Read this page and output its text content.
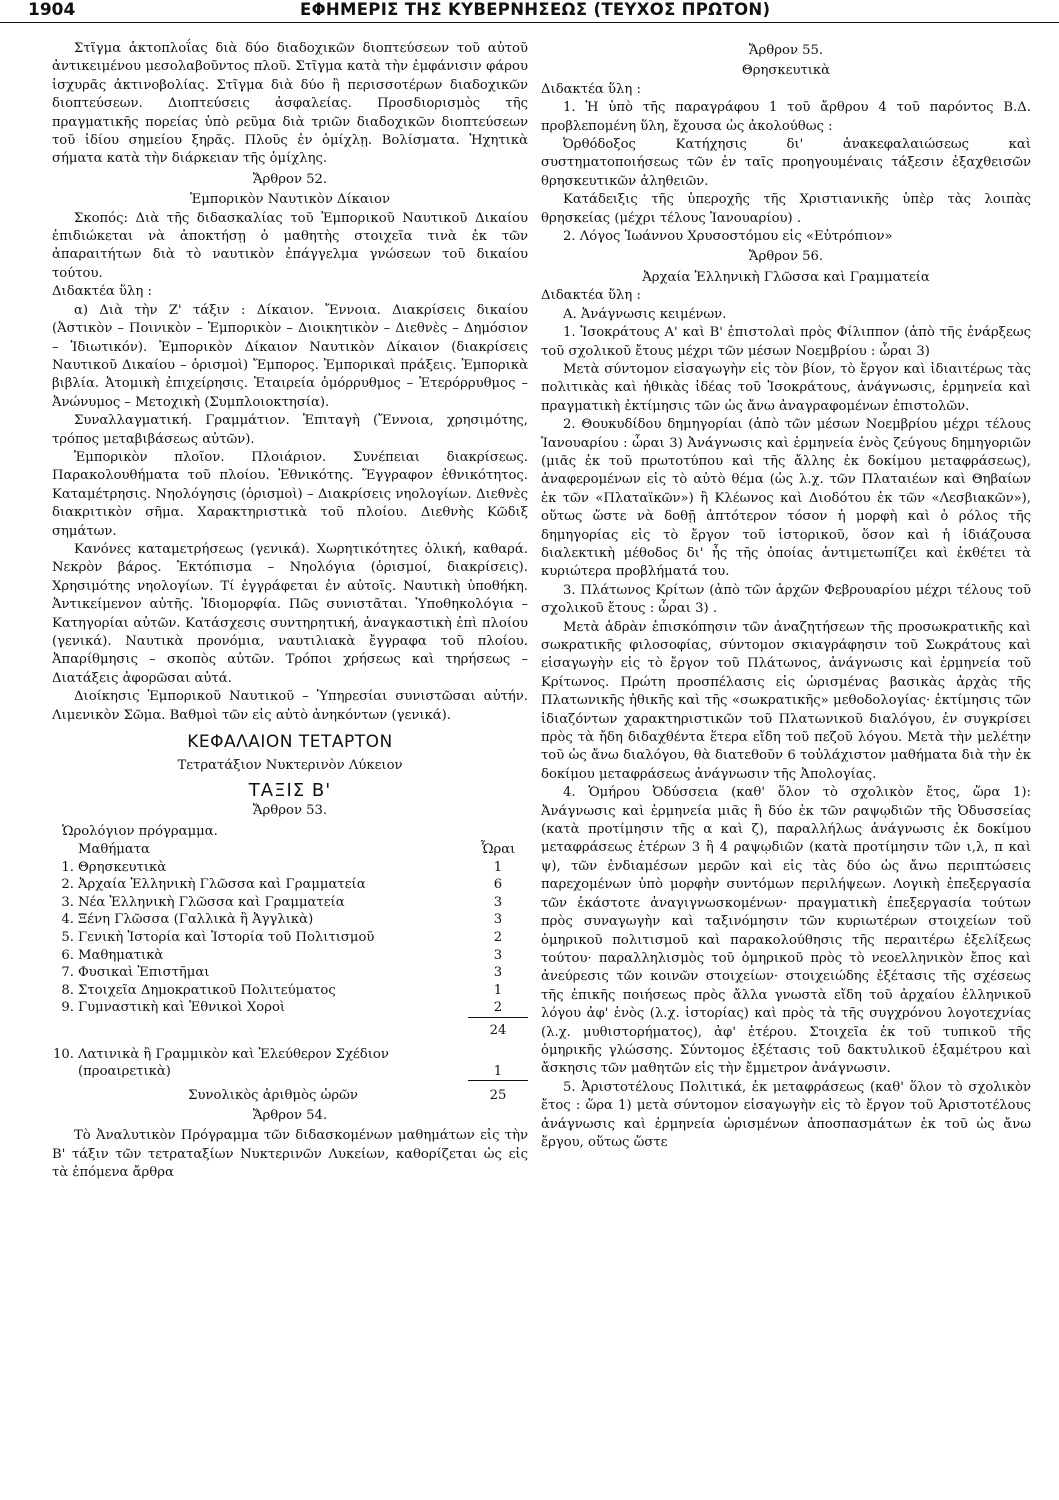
1904	ΕΦΗΜΕΡΙΣ ΤΗΣ ΚΥΒΕΡΝΗΣΕΩΣ (ΤΕΥΧΟΣ ΠΡΩΤΟΝ)

Στῖγμα ἀκτοπλοΐας διὰ δύο διαδοχικῶν διοπτεύσεων τοῦ αὐτοῦ ἀντικειμένου μεσολαβοῦντος πλοῦ. Στῖγμα κατὰ τὴν ἐμφάνισιν φάρου ἰσχυρᾶς ἀκτινοβολίας. Στῖγμα διὰ δύο ἢ περισσοτέρων διαδοχικῶν διοπτεύσεων. Διοπτεύσεις ἀσφαλείας. Προσδιορισμὸς τῆς πραγματικῆς πορείας ὑπὸ ρεῦμα διὰ τριῶν διαδοχικῶν διοπτεύσεων τοῦ ἰδίου σημείου ξηρᾶς. Πλοῦς ἐν ὁμίχλῃ. Βολίσματα. Ἠχητικὰ σήματα κατὰ τὴν διάρκειαν τῆς ὁμίχλης.

Ἄρθρον 52.

Ἐμπορικὸν Ναυτικὸν Δίκαιον

Σκοπός: Διὰ τῆς διδασκαλίας τοῦ Ἐμπορικοῦ Ναυτικοῦ Δικαίου ἐπιδιώκεται νὰ ἀποκτήσῃ ὁ μαθητὴς στοιχεῖα τινὰ ἐκ τῶν ἀπαραιτήτων διὰ τὸ ναυτικὸν ἐπάγγελμα γνώσεων τοῦ δικαίου τούτου.

Διδακτέα ὕλη :

α) Διὰ τὴν Ζ' τάξιν : Δίκαιον. Ἔννοια. Διακρίσεις δικαίου (Ἀστικὸν – Ποινικὸν – Ἐμπορικὸν – Διοικητικὸν – Διεθνὲς – Δημόσιον – Ἰδιωτικόν). Ἐμπορικὸν Δίκαιον Ναυτικὸν Δίκαιον (διακρίσεις Ναυτικοῦ Δικαίου – ὁρισμοὶ) Ἔμπορος. Ἐμπορικαὶ πράξεις. Ἐμπορικὰ βιβλία. Ἀτομικὴ ἐπιχείρησις. Ἑταιρεία ὁμόρρυθμος – Ἑτερόρρυθμος – Ἀνώνυμος – Μετοχικὴ (Συμπλοιοκτησία).

Συναλλαγματική. Γραμμάτιον. Ἐπιταγὴ (Ἔννοια, χρησιμότης, τρόπος μεταβιβάσεως αὐτῶν).

Ἐμπορικὸν πλοῖον. Πλοιάριον. Συνέπειαι διακρίσεως. Παρακολουθήματα τοῦ πλοίου. Ἐθνικότης. Ἔγγραφον ἐθνικότητος. Καταμέτρησις. Νηολόγησις (ὁρισμοὶ) – Διακρίσεις νηολογίων. Διεθνὲς διακριτικὸν σῆμα. Χαρακτηριστικὰ τοῦ πλοίου. Διεθνὴς Κῶδιξ σημάτων.

Κανόνες καταμετρήσεως (γενικά). Χωρητικότητες ὁλική, καθαρά. Νεκρὸν βάρος. Ἐκτόπισμα – Νηολόγια (ὁρισμοί, διακρίσεις). Χρησιμότης νηολογίων. Τί ἐγγράφεται ἐν αὐτοῖς. Ναυτικὴ ὑποθήκη. Ἀντικείμενον αὐτῆς. Ἰδιομορφία. Πῶς συνιστᾶται. Ὑποθηκολόγια – Κατηγορίαι αὐτῶν. Κατάσχεσις συντηρητική, ἀναγκαστικὴ ἐπὶ πλοίου (γενικά). Ναυτικὰ προνόμια, ναυτιλιακὰ ἔγγραφα τοῦ πλοίου. Ἀπαρίθμησις – σκοπὸς αὐτῶν. Τρόποι χρήσεως καὶ τηρήσεως – Διατάξεις ἀφορῶσαι αὐτά.

Διοίκησις Ἐμπορικοῦ Ναυτικοῦ – Ὑπηρεσίαι συνιστῶσαι αὐτήν. Λιμενικὸν Σῶμα. Βαθμοὶ τῶν εἰς αὐτὸ ἀνηκόντων (γενικά).

ΚΕΦΑΛΑΙΟΝ ΤΕΤΑΡΤΟΝ

Τετρατάξιον Νυκτερινὸν Λύκειον

ΤΑΞΙΣ Β'

Ἄρθρον 53.

Ὡρολόγιον πρόγραμμα.

	Μαθήματα	Ὧραι
1.	Θρησκευτικὰ	1
2.	Ἀρχαία Ἑλληνικὴ Γλῶσσα καὶ Γραμματεία	6
3.	Νέα Ἑλληνικὴ Γλῶσσα καὶ Γραμματεία	3
4.	Ξένη Γλῶσσα (Γαλλικὰ ἢ Ἀγγλικὰ)	3
5.	Γενικὴ Ἱστορία καὶ Ἱστορία τοῦ Πολιτισμοῦ	2
6.	Μαθηματικὰ	3
7.	Φυσικαὶ Ἐπιστῆμαι	3
8.	Στοιχεῖα Δημοκρατικοῦ Πολιτεύματος	1
9.	Γυμναστικὴ καὶ Ἐθνικοὶ Χοροὶ	2
		24
10.	Λατινικὰ ἢ Γραμμικὸν καὶ Ἐλεύθερον Σχέδιον (προαιρετικὰ)	1
	Συνολικὸς ἀριθμὸς ὡρῶν	25

Ἄρθρον 54.

Τὸ Ἀναλυτικὸν Πρόγραμμα τῶν διδασκομένων μαθημάτων εἰς τὴν Β' τάξιν τῶν τετραταξίων Νυκτερινῶν Λυκείων, καθορίζεται ὡς εἰς τὰ ἑπόμενα ἄρθρα

Ἄρθρον 55.

Θρησκευτικὰ

Διδακτέα ὕλη :

1. Ἡ ὑπὸ τῆς παραγράφου 1 τοῦ ἄρθρου 4 τοῦ παρόντος Β.Δ. προβλεπομένη ὕλη, ἔχουσα ὡς ἀκολούθως :

Ὀρθόδοξος Κατήχησις δι' ἀνακεφαλαιώσεως καὶ συστηματοποιήσεως τῶν ἐν ταῖς προηγουμέναις τάξεσιν ἐξαχθεισῶν θρησκευτικῶν ἀληθειῶν.

Κατάδειξις τῆς ὑπεροχῆς τῆς Χριστιανικῆς ὑπὲρ τὰς λοιπὰς θρησκείας (μέχρι τέλους Ἰανουαρίου) .

2. Λόγος Ἰωάννου Χρυσοστόμου εἰς «Εὐτρόπιον»

Ἄρθρον 56.

Ἀρχαία Ἑλληνικὴ Γλῶσσα καὶ Γραμματεία

Διδακτέα ὕλη :

Α. Ἀνάγνωσις κειμένων.

1. Ἰσοκράτους Α' καὶ Β' ἐπιστολαὶ πρὸς Φίλιππον (ἀπὸ τῆς ἐνάρξεως τοῦ σχολικοῦ ἔτους μέχρι τῶν μέσων Νοεμβρίου : ὧραι 3)

Μετὰ σύντομον εἰσαγωγὴν εἰς τὸν βίον, τὸ ἔργον καὶ ἰδιαιτέρως τὰς πολιτικὰς καὶ ἠθικὰς ἰδέας τοῦ Ἰσοκράτους, ἀνάγνωσις, ἑρμηνεία καὶ πραγματικὴ ἐκτίμησις τῶν ὡς ἄνω ἀναγραφομένων ἐπιστολῶν.

2. Θουκυδίδου δημηγορίαι (ἀπὸ τῶν μέσων Νοεμβρίου μέχρι τέλους Ἰανουαρίου : ὧραι 3) Ἀνάγνωσις καὶ ἑρμηνεία ἑνὸς ζεύγους δημηγοριῶν (μιᾶς ἐκ τοῦ πρωτοτύπου καὶ τῆς ἄλλης ἐκ δοκίμου μεταφράσεως), ἀναφερομένων εἰς τὸ αὐτὸ θέμα (ὡς λ.χ. τῶν Πλαταιέων καὶ Θηβαίων ἐκ τῶν «Πλαταϊκῶν») ἢ Κλέωνος καὶ Διοδότου ἐκ τῶν «Λεσβιακῶν»), οὕτως ὥστε νὰ δοθῇ ἀπτότερον τόσον ἡ μορφὴ καὶ ὁ ρόλος τῆς δημηγορίας εἰς τὸ ἔργον τοῦ ἱστορικοῦ, ὅσον καὶ ἡ ἰδιάζουσα διαλεκτικὴ μέθοδος δι' ἧς τῆς ὁποίας ἀντιμετωπίζει καὶ ἐκθέτει τὰ κυριώτερα προβλήματά του.

3. Πλάτωνος Κρίτων (ἀπὸ τῶν ἀρχῶν Φεβρουαρίου μέχρι τέλους τοῦ σχολικοῦ ἔτους : ὧραι 3) .

Μετὰ ἁδρὰν ἐπισκόπησιν τῶν ἀναζητήσεων τῆς προσωκρατικῆς καὶ σωκρατικῆς φιλοσοφίας, σύντομον σκιαγράφησιν τοῦ Σωκράτους καὶ εἰσαγωγὴν εἰς τὸ ἔργον τοῦ Πλάτωνος, ἀνάγνωσις καὶ ἑρμηνεία τοῦ Κρίτωνος. Πρώτη προσπέλασις εἰς ὡρισμένας βασικὰς ἀρχὰς τῆς Πλατωνικῆς ἠθικῆς καὶ τῆς «σωκρατικῆς» μεθοδολογίας· ἐκτίμησις τῶν ἰδιαζόντων χαρακτηριστικῶν τοῦ Πλατωνικοῦ διαλόγου, ἐν συγκρίσει πρὸς τὰ ἤδη διδαχθέντα ἕτερα εἴδη τοῦ πεζοῦ λόγου. Μετὰ τὴν μελέτην τοῦ ὡς ἄνω διαλόγου, θὰ διατεθοῦν 6 τοὐλάχιστον μαθήματα διὰ τὴν ἐκ δοκίμου μεταφράσεως ἀνάγνωσιν τῆς Ἀπολογίας.

4. Ὁμήρου Ὀδύσσεια (καθ' ὅλον τὸ σχολικὸν ἔτος, ὥρα 1): Ἀνάγνωσις καὶ ἑρμηνεία μιᾶς ἢ δύο ἐκ τῶν ραψῳδιῶν τῆς Ὀδυσσείας (κατὰ προτίμησιν τῆς α καὶ ζ), παραλλήλως ἀνάγνωσις ἐκ δοκίμου μεταφράσεως ἑτέρων 3 ἢ 4 ραψῳδιῶν (κατὰ προτίμησιν τῶν ι,λ, π καὶ ψ), τῶν ἐνδιαμέσων μερῶν καὶ εἰς τὰς δύο ὡς ἄνω περιπτώσεις παρεχομένων ὑπὸ μορφὴν συντόμων περιλήψεων. Λογικὴ ἐπεξεργασία τῶν ἑκάστοτε ἀναγιγνωσκομένων· πραγματικὴ ἐπεξεργασία τούτων πρὸς συναγωγὴν καὶ ταξινόμησιν τῶν κυριωτέρων στοιχείων τοῦ ὁμηρικοῦ πολιτισμοῦ καὶ παρακολούθησις τῆς περαιτέρω ἐξελίξεως τούτου· παραλληλισμὸς τοῦ ὁμηρικοῦ πρὸς τὸ νεοελληνικὸν ἔπος καὶ ἀνεύρεσις τῶν κοινῶν στοιχείων· στοιχειώδης ἐξέτασις τῆς σχέσεως τῆς ἐπικῆς ποιήσεως πρὸς ἄλλα γνωστὰ εἴδη τοῦ ἀρχαίου ἑλληνικοῦ λόγου ἀφ' ἑνὸς (λ.χ. ἱστορίας) καὶ πρὸς τὰ τῆς συγχρόνου λογοτεχνίας (λ.χ. μυθιστορήματος), ἀφ' ἑτέρου. Στοιχεῖα ἐκ τοῦ τυπικοῦ τῆς ὁμηρικῆς γλώσσης. Σύντομος ἐξέτασις τοῦ δακτυλικοῦ ἑξαμέτρου καὶ ἄσκησις τῶν μαθητῶν εἰς τὴν ἔμμετρον ἀνάγνωσιν.

5. Ἀριστοτέλους Πολιτικά, ἐκ μεταφράσεως (καθ' ὅλον τὸ σχολικὸν ἔτος : ὥρα 1) μετὰ σύντομον εἰσαγωγὴν εἰς τὸ ἔργον τοῦ Ἀριστοτέλους ἀνάγνωσις καὶ ἑρμηνεία ὡρισμένων ἀποσπασμάτων ἐκ τοῦ ὡς ἄνω ἔργου, οὕτως ὥστε
